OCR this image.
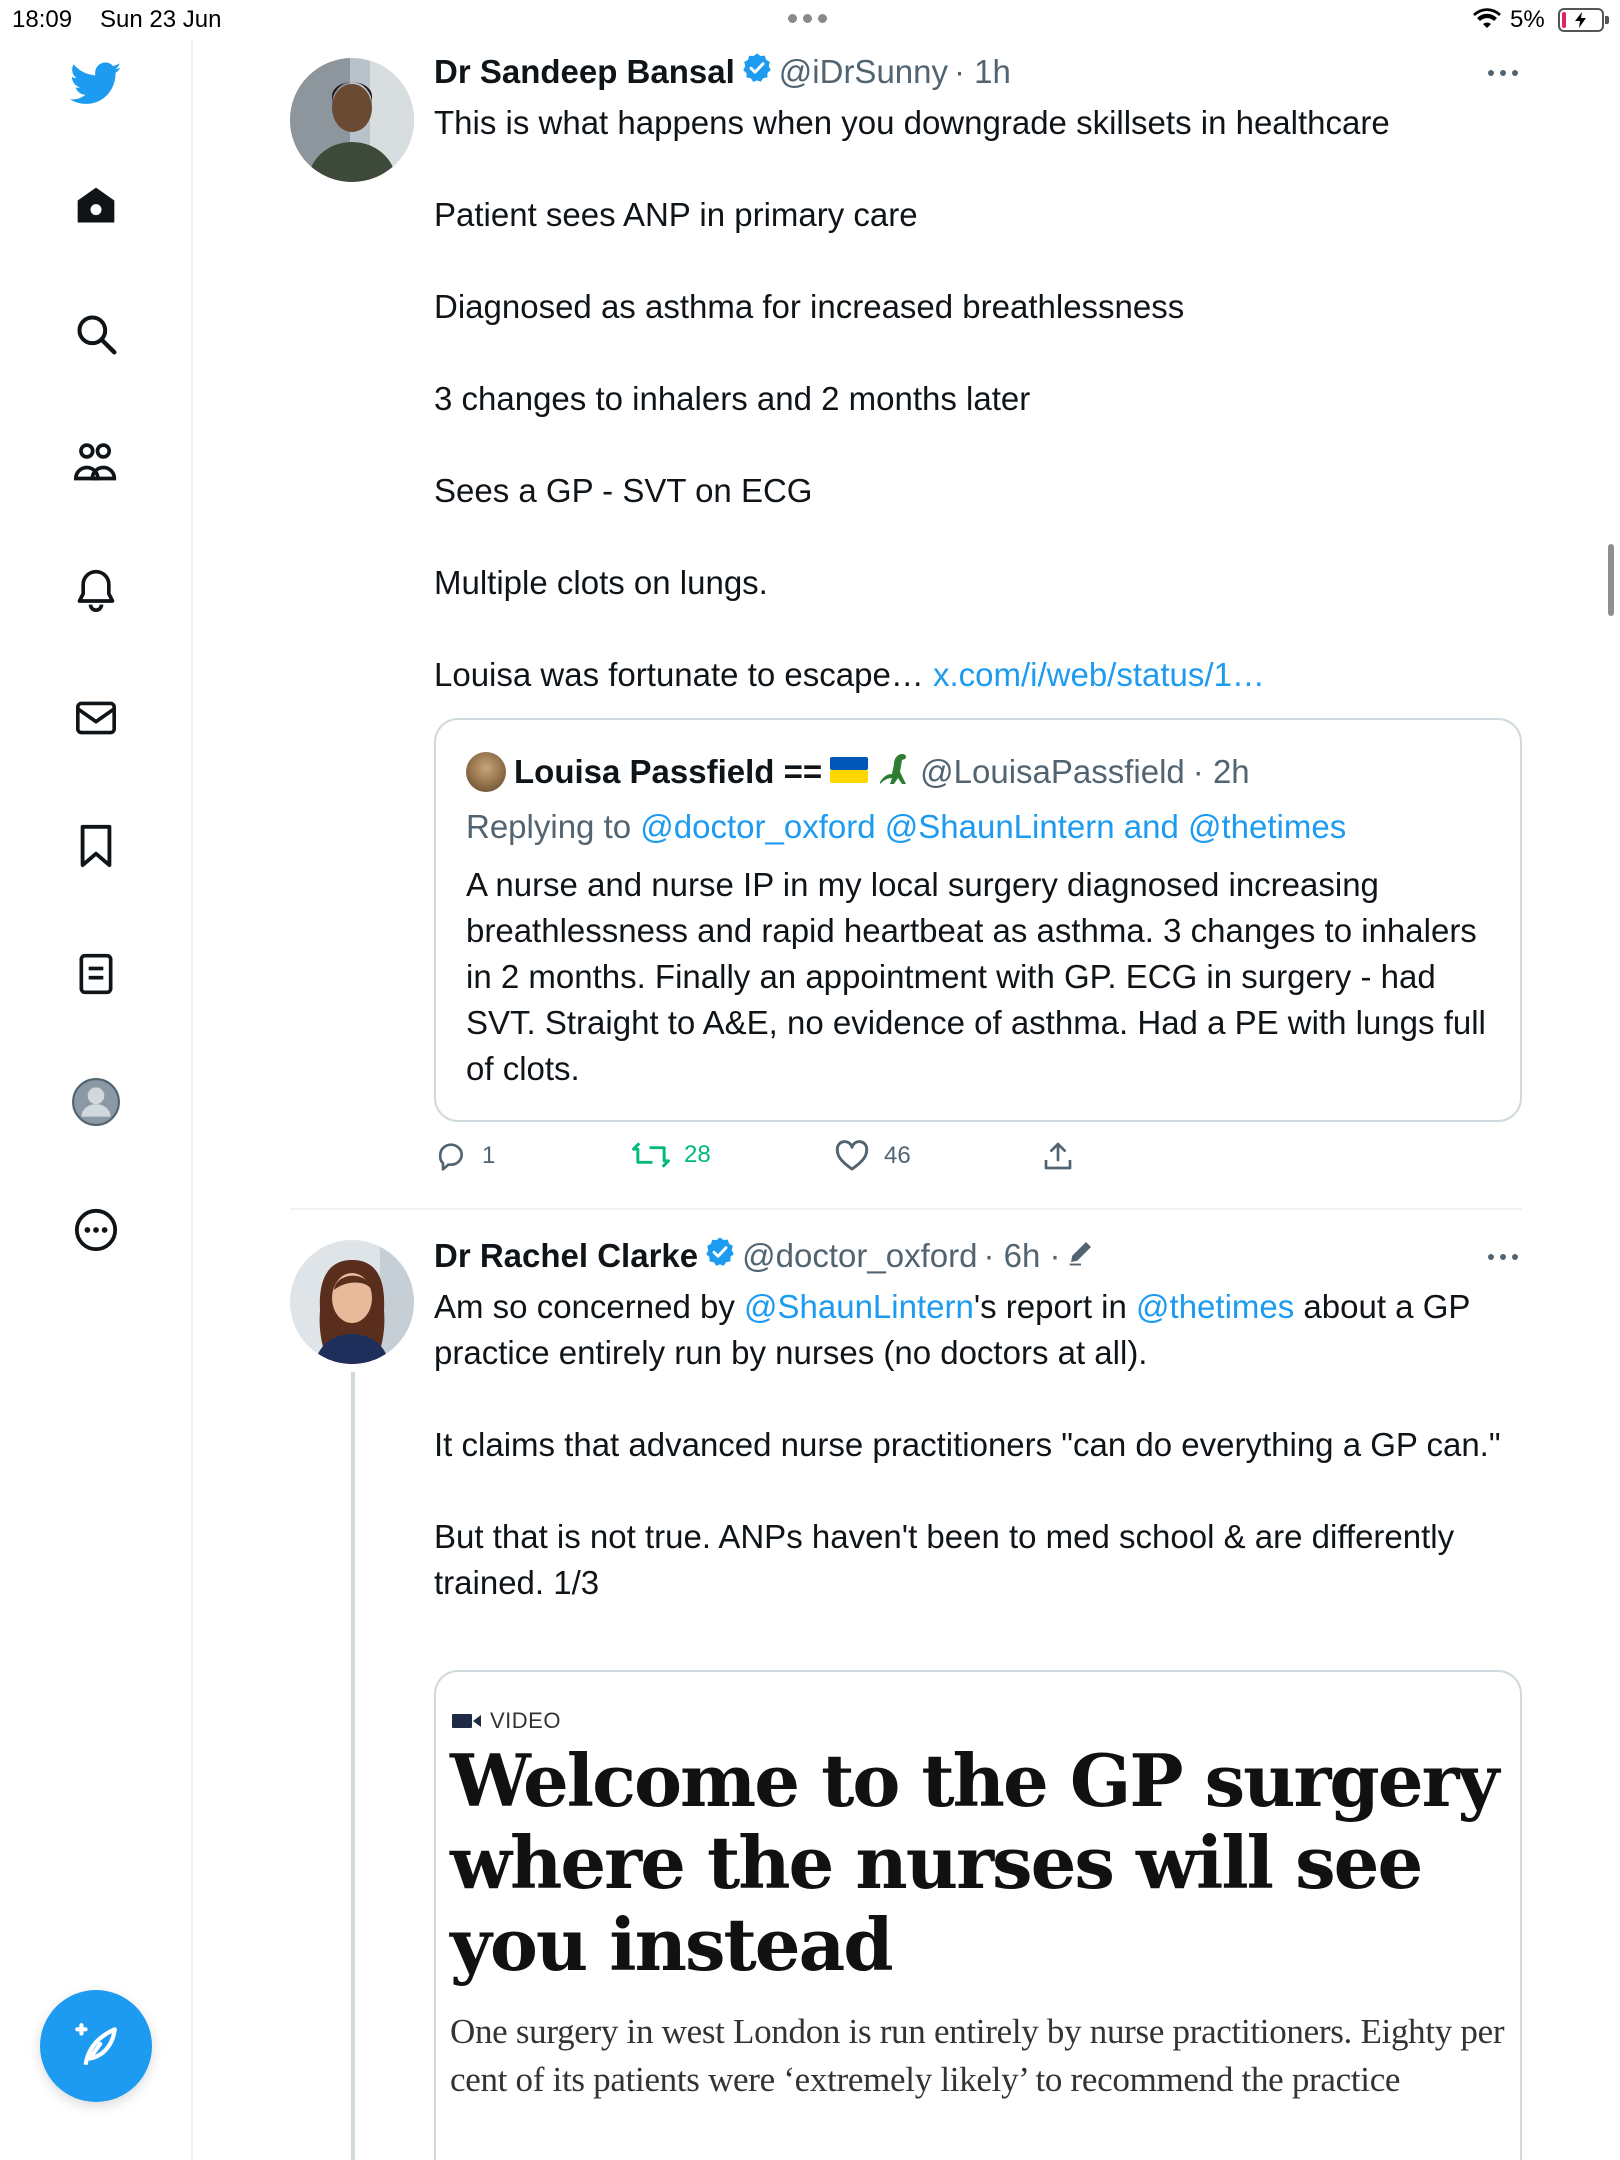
18:09 Sun 23 Jun	5%
Dr Sandeep Bansal @iDrSunny · 1h

This is what happens when you downgrade skillsets in healthcare

Patient sees ANP in primary care

Diagnosed as asthma for increased breathlessness

3 changes to inhalers and 2 months later

Sees a GP - SVT on ECG

Multiple clots on lungs.

Louisa was fortunate to escape… x.com/i/web/status/1…

Louisa Passfield ==	@LouisaPassfield · 2h
Replying to @doctor_oxford @ShaunLintern and @thetimes
A nurse and nurse IP in my local surgery diagnosed increasing breathlessness and rapid heartbeat as asthma. 3 changes to inhalers in 2 months. Finally an appointment with GP. ECG in surgery - had SVT. Straight to A&E, no evidence of asthma. Had a PE with lungs full of clots.
1	28	46
Dr Rachel Clarke @doctor_oxford · 6h ·

Am so concerned by @ShaunLintern's report in @thetimes about a GP practice entirely run by nurses (no doctors at all).

It claims that advanced nurse practitioners "can do everything a GP can."

But that is not true. ANPs haven't been to med school & are differently trained. 1/3

VIDEO
Welcome to the GP surgery where the nurses will see you instead
One surgery in west London is run entirely by nurse practitioners. Eighty per cent of its patients were ‘extremely likely’ to recommend the practice
